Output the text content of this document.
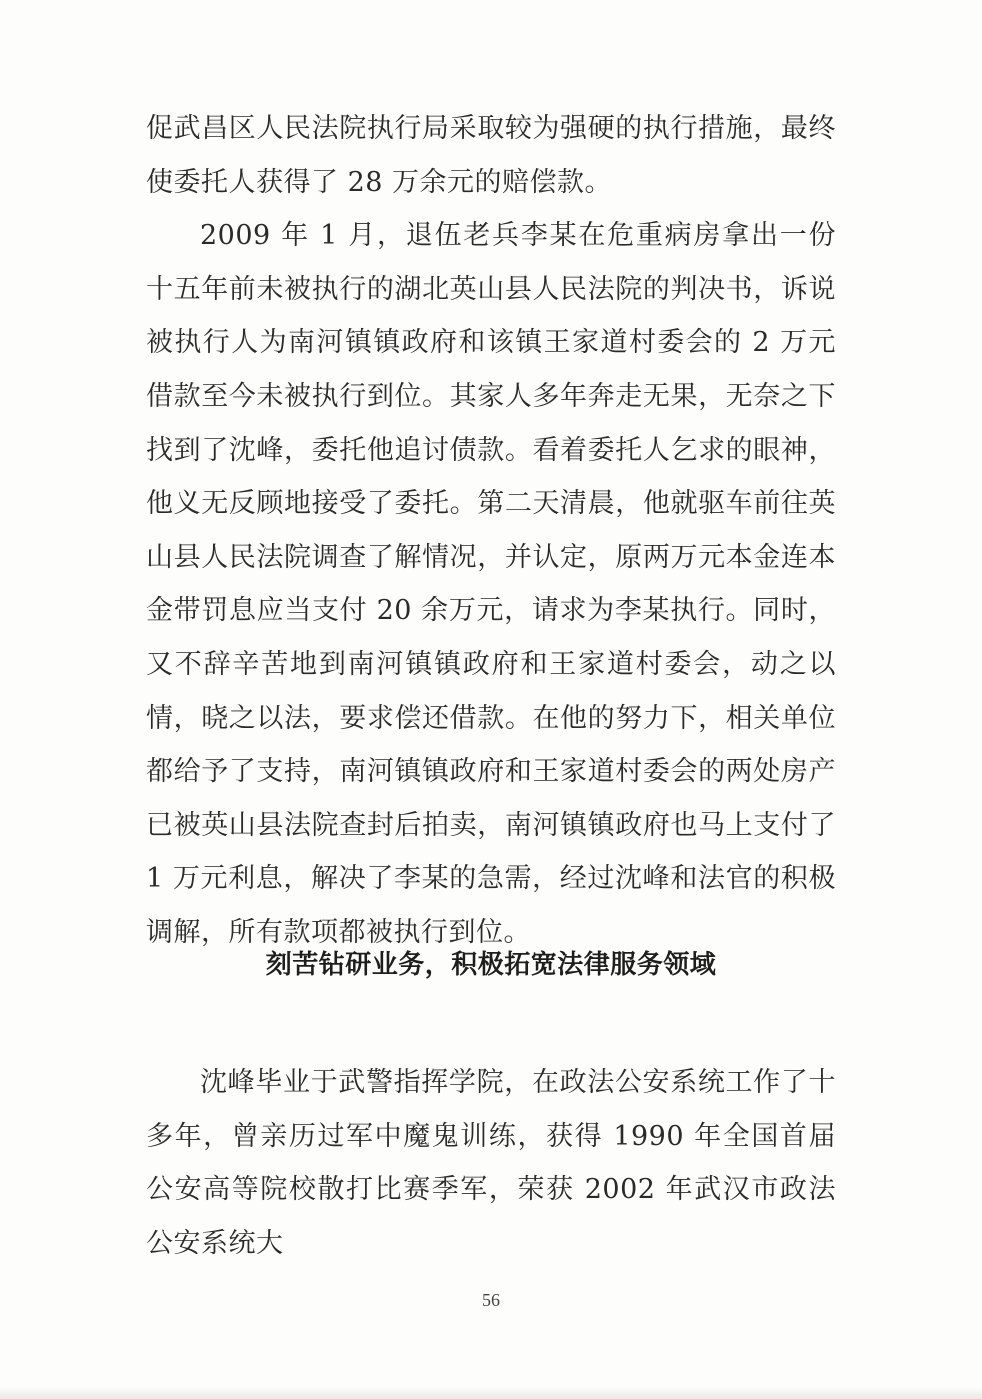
促武昌区人民法院执行局采取较为强硬的执行措施，最终使委托人获得了 28 万余元的赔偿款。

2009 年 1 月，退伍老兵李某在危重病房拿出一份十五年前未被执行的湖北英山县人民法院的判决书，诉说被执行人为南河镇镇政府和该镇王家道村委会的 2 万元借款至今未被执行到位。其家人多年奔走无果，无奈之下找到了沈峰，委托他追讨债款。看着委托人乞求的眼神，他义无反顾地接受了委托。第二天清晨，他就驱车前往英山县人民法院调查了解情况，并认定，原两万元本金连本金带罚息应当支付 20 余万元，请求为李某执行。同时，又不辞辛苦地到南河镇镇政府和王家道村委会，动之以情，晓之以法，要求偿还借款。在他的努力下，相关单位都给予了支持，南河镇镇政府和王家道村委会的两处房产已被英山县法院查封后拍卖，南河镇镇政府也马上支付了 1 万元利息，解决了李某的急需，经过沈峰和法官的积极调解，所有款项都被执行到位。

刻苦钻研业务，积极拓宽法律服务领域

沈峰毕业于武警指挥学院，在政法公安系统工作了十多年，曾亲历过军中魔鬼训练，获得 1990 年全国首届公安高等院校散打比赛季军，荣获 2002 年武汉市政法公安系统大

56
